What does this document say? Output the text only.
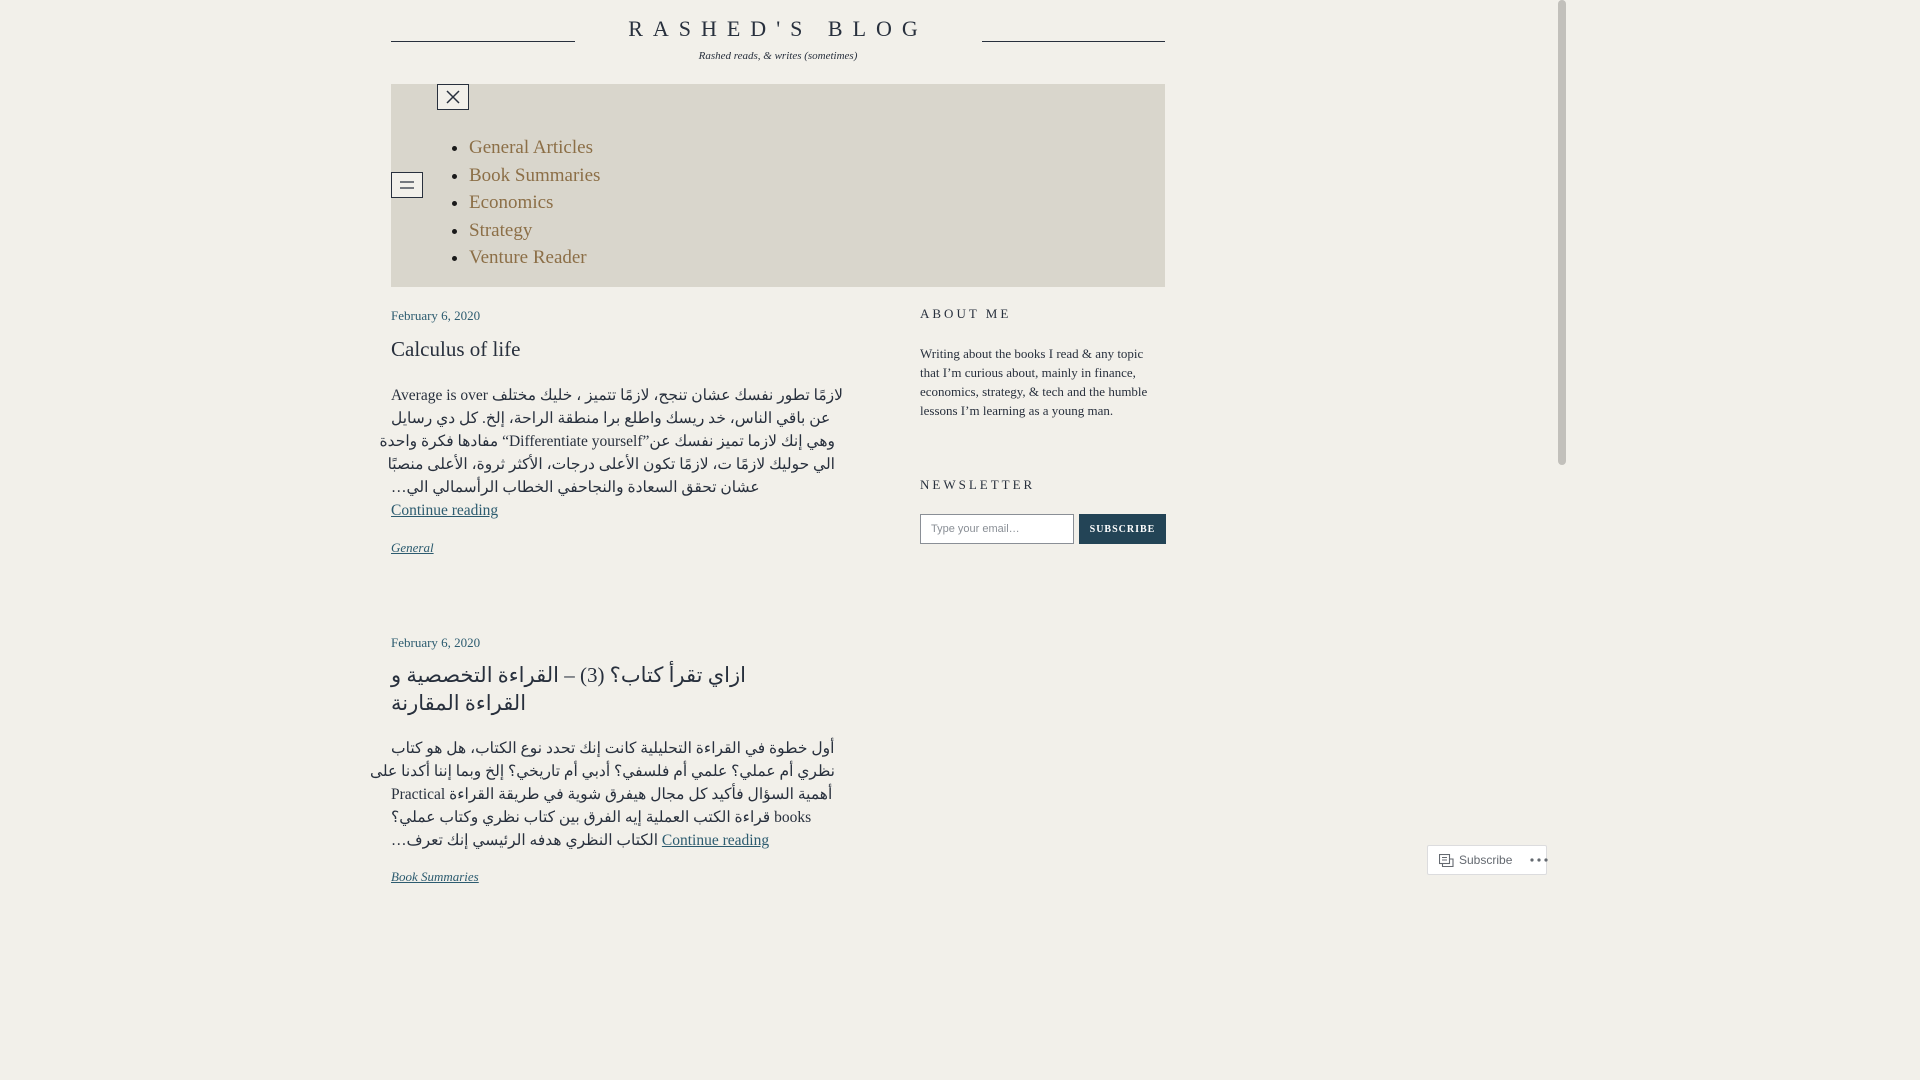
RASHED'S BLOG
Rashed reads, & writes (sometimes)
• General Articles
• Book Summaries
• Economics
• Strategy
• Venture Reader
February 6, 2020
Calculus of life
Average is over لازمًا تطور نفسك عشان تنجح، لازمًا تتميز ، خليك مختلف
عن باقي الناس، خد ريسك واطلع برا منطقة الراحة، إلخ. كل دي رسايل
وهي إنك لازما تميز نفسك عن”Differentiate yourself“ مفادها فكرة واحدة
الي حوليك لازمًا ت، لازمًا تكون الأعلى درجات، الأكثر ثروة، الأعلى منصبًا
عشان تحقق السعادة والنجاحفي الخطاب الرأسمالي الي…
Continue reading
General
February 6, 2020
ازاي تقرأ كتاب؟ (3) – القراءة التخصصية و
القراءة المقارنة
أول خطوة في القراءة التحليلية كانت إنك تحدد نوع الكتاب، هل هو كتاب
نظري أم عملي؟ علمي أم فلسفي؟ أدبي أم تاريخي؟ إلخ وبما إننا أكدنا على
أهمية السؤال فأكيد كل مجال هيفرق شوية في طريقة القراءة Practical
books قراءة الكتب العملية إيه الفرق بين كتاب نظري وكتاب عملي؟
الكتاب النظري هدفه الرئيسي إنك تعرف… Continue reading
Book Summaries
ABOUT ME
Writing about the books I read & any topic that I’m curious about, mainly in finance, economics, strategy, & tech and the humble lessons I’m learning as a young man.
NEWSLETTER
Type your email…
SUBSCRIBE
Subscribe
